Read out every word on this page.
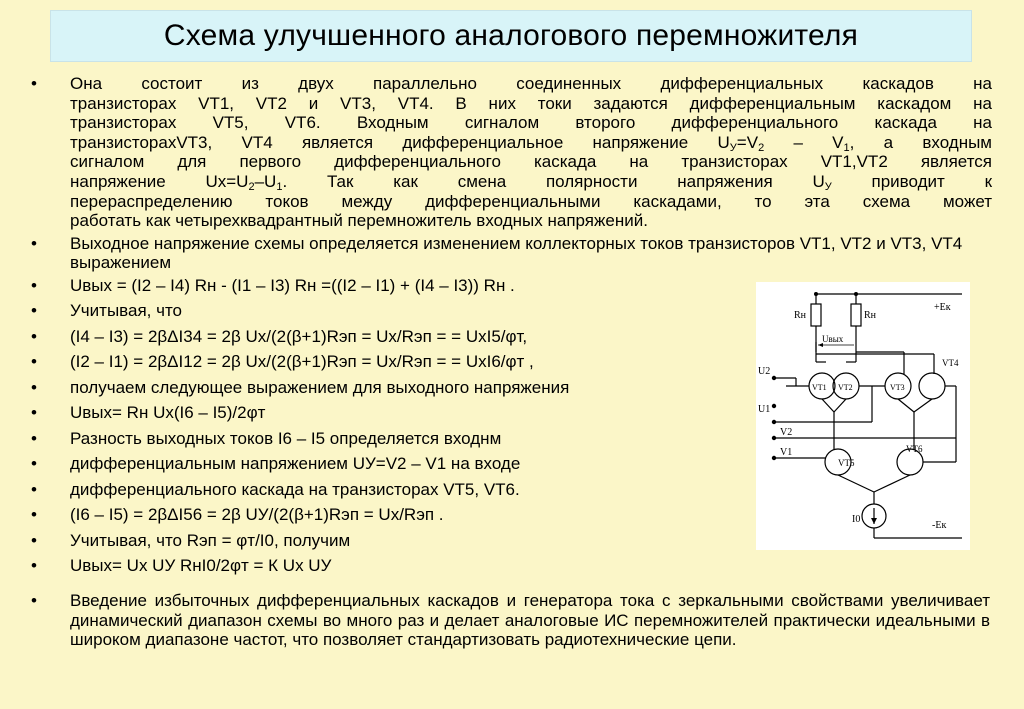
Схема улучшенного аналогового перемножителя
• Она состоит из двух параллельно соединенных дифференциальных каскадов на
транзисторах VT1, VT2 и VT3, VT4. В них токи задаются дифференциальным каскадом на
транзисторах VT5, VT6. Входным сигналом второго дифференциального каскада на
транзисторахVT3, VT4 является дифференциальное напряжение $U_У=V_2 - V_1$, а входным
сигналом для первого дифференциального каскада на транзисторах VT1,VT2 является
напряжение $Ux=U_2-U_1$. Так как смена полярности напряжения $U_У$ приводит к
перераспределению токов между дифференциальными каскадами, то эта схема может
работать как четырехквадрантный перемножитель входных напряжений.
• Выходное напряжение схемы определяется изменением коллекторных токов транзисторов VT1, VT2 и VT3, VT4 выражением
• Uвых = (I2 – I4) Rн - (I1 – I3) Rн =((I2 – I1) + (I4 – I3)) Rн .
• Учитывая, что
• (I4 – I3) = 2βΔI34 = 2β Ux/(2(β+1)Rэп = Ux/Rэп = = UxI5/φт,
• (I2 – I1) = 2βΔI12 = 2β Ux/(2(β+1)Rэп = Ux/Rэп = = UxI6/φт ,
• получаем следующее выражением для выходного напряжения
• Uвых= Rн Ux(I6 – I5)/2φт
• Разность выходных токов I6 – I5 определяется входнм
• дифференциальным напряжением UУ=V2 – V1 на входе
• дифференциального каскада на транзисторах VT5, VT6.
• (I6 – I5) = 2βΔI56 = 2β UУ/(2(β+1)Rэп = Ux/Rэп .
• Учитывая, что Rэп = φт/I0, получим
• Uвых= Ux UУ RнI0/2φт = К Ux UУ
• Введение избыточных дифференциальных каскадов и генератора тока с зеркальными свойствами увеличивает динамический диапазон схемы во много раз и делает аналоговые ИС перемножителей практически идеальными в широком диапазоне частот, что позволяет стандартизовать радиотехнические цепи.
Rн	Rн
+Eк
Uвых
U2
U1
V2
V1
VT1 VT2	VT3
VT4
VT5
VT6
I0
-Eк
